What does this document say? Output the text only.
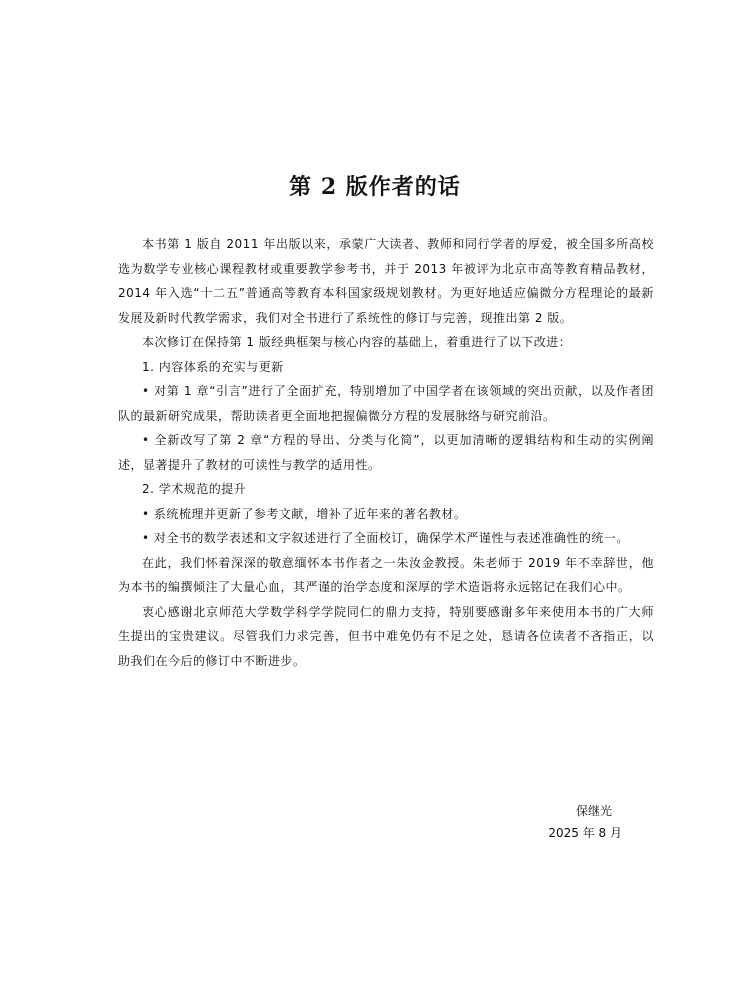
第 2 版作者的话

本书第 1 版自 2011 年出版以来，承蒙广大读者、教师和同行学者的厚爱，被全国多所高校选为数学专业核心课程教材或重要教学参考书，并于 2013 年被评为北京市高等教育精品教材，2014 年入选“十二五”普通高等教育本科国家级规划教材。为更好地适应偏微分方程理论的最新发展及新时代教学需求，我们对全书进行了系统性的修订与完善，现推出第 2 版。

本次修订在保持第 1 版经典框架与核心内容的基础上，着重进行了以下改进：

1. 内容体系的充实与更新

• 对第 1 章“引言”进行了全面扩充，特别增加了中国学者在该领域的突出贡献，以及作者团队的最新研究成果，帮助读者更全面地把握偏微分方程的发展脉络与研究前沿。

• 全新改写了第 2 章“方程的导出、分类与化简”，以更加清晰的逻辑结构和生动的实例阐述，显著提升了教材的可读性与教学的适用性。

2. 学术规范的提升

• 系统梳理并更新了参考文献，增补了近年来的著名教材。

• 对全书的数学表述和文字叙述进行了全面校订，确保学术严谨性与表述准确性的统一。

在此，我们怀着深深的敬意缅怀本书作者之一朱汝金教授。朱老师于 2019 年不幸辞世，他为本书的编撰倾注了大量心血，其严谨的治学态度和深厚的学术造诣将永远铭记在我们心中。

衷心感谢北京师范大学数学科学学院同仁的鼎力支持，特别要感谢多年来使用本书的广大师生提出的宝贵建议。尽管我们力求完善，但书中难免仍有不足之处，恳请各位读者不吝指正，以助我们在今后的修订中不断进步。

保继光
2025 年 8 月
